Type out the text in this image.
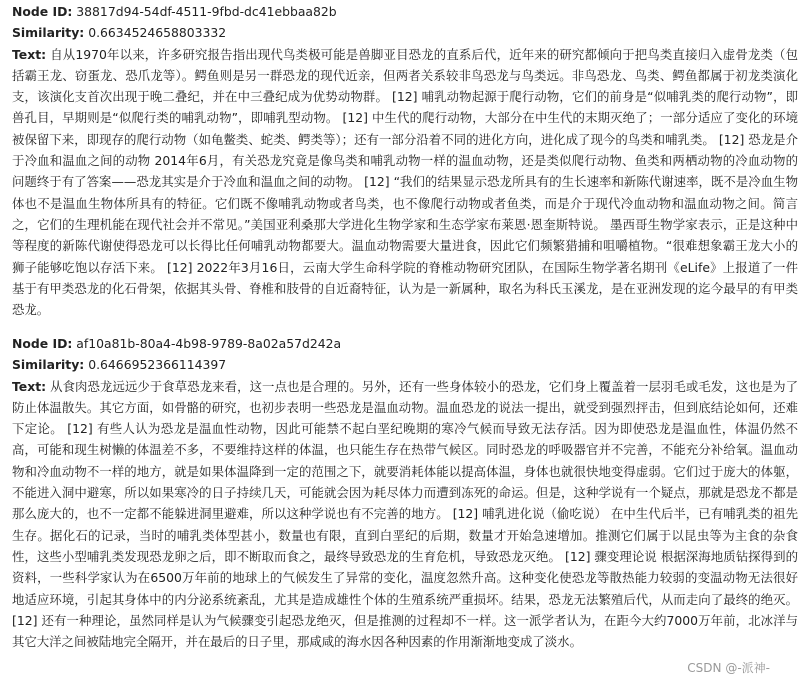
Node ID: 38817d94-54df-4511-9fbd-dc41ebbaa82b

Similarity: 0.6634524658803332

Text: 自从1970年以来，许多研究报告指出现代鸟类极可能是兽脚亚目恐龙的直系后代，近年来的研究都倾向于把鸟类直接归入虚骨龙类（包括霸王龙、窃蛋龙、恐爪龙等）。鳄鱼则是另一群恐龙的现代近亲，但两者关系较非鸟恐龙与鸟类远。非鸟恐龙、鸟类、鳄鱼都属于初龙类演化支，该演化支首次出现于晚二叠纪，并在中三叠纪成为优势动物群。 [12] 哺乳动物起源于爬行动物，它们的前身是“似哺乳类的爬行动物”，即兽孔目，早期则是“似爬行类的哺乳动物”，即哺乳型动物。 [12] 中生代的爬行动物，大部分在中生代的末期灭绝了；一部分适应了变化的环境被保留下来，即现存的爬行动物（如龟鳖类、蛇类、鳄类等）；还有一部分沿着不同的进化方向，进化成了现今的鸟类和哺乳类。 [12] 恐龙是介于冷血和温血之间的动物 2014年6月，有关恐龙究竟是像鸟类和哺乳动物一样的温血动物，还是类似爬行动物、鱼类和两栖动物的冷血动物的问题终于有了答案——恐龙其实是介于冷血和温血之间的动物。 [12] “我们的结果显示恐龙所具有的生长速率和新陈代谢速率，既不是冷血生物体也不是温血生物体所具有的特征。它们既不像哺乳动物或者鸟类，也不像爬行动物或者鱼类，而是介于现代冷血动物和温血动物之间。简言之，它们的生理机能在现代社会并不常见。”美国亚利桑那大学进化生物学家和生态学家布莱恩·恩奎斯特说。 墨西哥生物学家表示，正是这种中等程度的新陈代谢使得恐龙可以长得比任何哺乳动物都要大。温血动物需要大量进食，因此它们频繁猎捕和咀嚼植物。“很难想象霸王龙大小的狮子能够吃饱以存活下来。 [12] 2022年3月16日，云南大学生命科学院的脊椎动物研究团队，在国际生物学著名期刊《eLife》上报道了一件基于有甲类恐龙的化石骨架，依据其头骨、脊椎和肢骨的自近裔特征，认为是一新属种，取名为科氏玉溪龙，是在亚洲发现的迄今最早的有甲类恐龙。

Node ID: af10a81b-80a4-4b98-9789-8a02a57d242a

Similarity: 0.6466952366114397

Text: 从食肉恐龙远远少于食草恐龙来看，这一点也是合理的。另外，还有一些身体较小的恐龙，它们身上覆盖着一层羽毛或毛发，这也是为了防止体温散失。其它方面，如骨骼的研究，也初步表明一些恐龙是温血动物。温血恐龙的说法一提出，就受到强烈抨击，但到底结论如何，还难下定论。 [12] 有些人认为恐龙是温血性动物，因此可能禁不起白垩纪晚期的寒冷气候而导致无法存活。因为即使恐龙是温血性，体温仍然不高，可能和现生树懒的体温差不多，不要维持这样的体温，也只能生存在热带气候区。同时恐龙的呼吸器官并不完善，不能充分补给氧。温血动物和冷血动物不一样的地方，就是如果体温降到一定的范围之下，就要消耗体能以提高体温，身体也就很快地变得虚弱。它们过于庞大的体躯，不能进入洞中避寒，所以如果寒冷的日子持续几天，可能就会因为耗尽体力而遭到冻死的命运。但是，这种学说有一个疑点，那就是恐龙不都是那么庞大的，也不一定都不能躲进洞里避难，所以这种学说也有不完善的地方。 [12] 哺乳进化说（偷吃说） 在中生代后半，已有哺乳类的祖先生存。据化石的记录，当时的哺乳类体型甚小，数量也有限，直到白垩纪的后期，数量才开始急速增加。推测它们属于以昆虫等为主食的杂食性，这些小型哺乳类发现恐龙卵之后，即不断取而食之，最终导致恐龙的生育危机，导致恐龙灭绝。 [12] 骤变理论说 根据深海地质钻探得到的资料，一些科学家认为在6500万年前的地球上的气候发生了异常的变化，温度忽然升高。这种变化使恐龙等散热能力较弱的变温动物无法很好地适应环境，引起其身体中的内分泌系统紊乱，尤其是造成雄性个体的生殖系统严重损坏。结果，恐龙无法繁殖后代，从而走向了最终的绝灭。 [12] 还有一种理论，虽然同样是认为气候骤变引起恐龙绝灭，但是推测的过程却不一样。这一派学者认为，在距今大约7000万年前，北冰洋与其它大洋之间被陆地完全隔开，并在最后的日子里，那咸咸的海水因各种因素的作用渐渐地变成了淡水。

CSDN @-派神-
